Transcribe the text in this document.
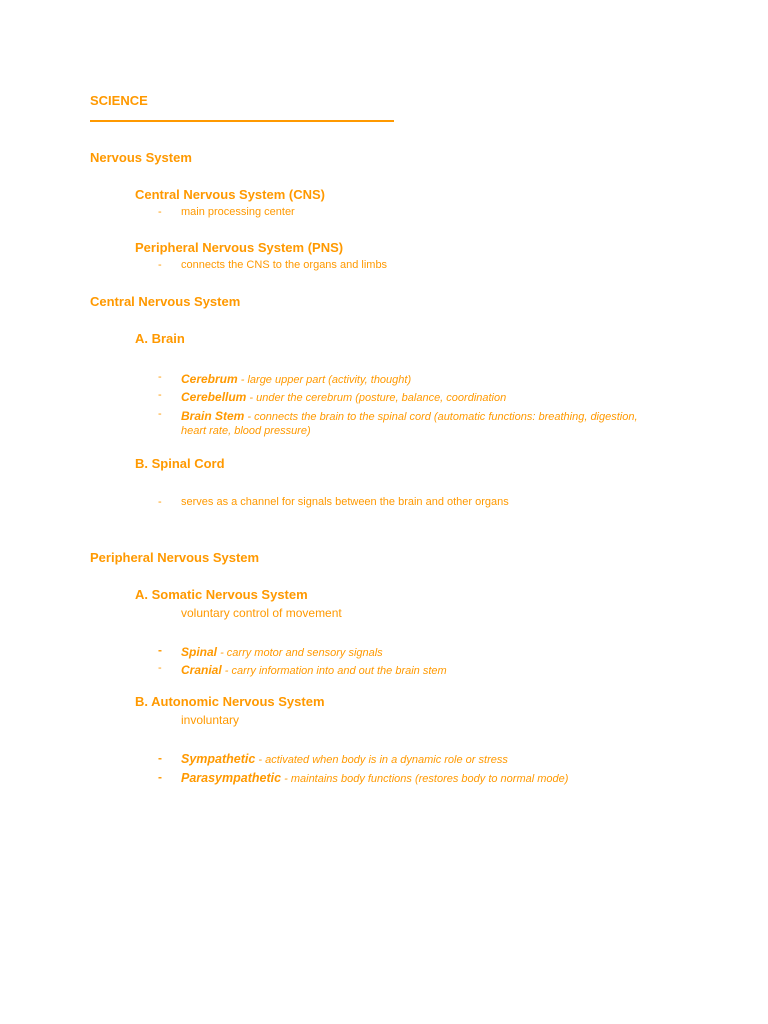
SCIENCE
Nervous System
Central Nervous System (CNS)
- main processing center
Peripheral Nervous System (PNS)
- connects the CNS to the organs and limbs
Central Nervous System
A. Brain
- Cerebrum - large upper part (activity, thought)
- Cerebellum - under the cerebrum (posture, balance, coordination
- Brain Stem - connects the brain to the spinal cord (automatic functions: breathing, digestion,
heart rate, blood pressure)
B. Spinal Cord
- serves as a channel for signals between the brain and other organs
Peripheral Nervous System
A. Somatic Nervous System
voluntary control of movement
- Spinal - carry motor and sensory signals
- Cranial - carry information into and out the brain stem
B. Autonomic Nervous System
involuntary
- Sympathetic - activated when body is in a dynamic role or stress
- Parasympathetic - maintains body functions (restores body to normal mode)
